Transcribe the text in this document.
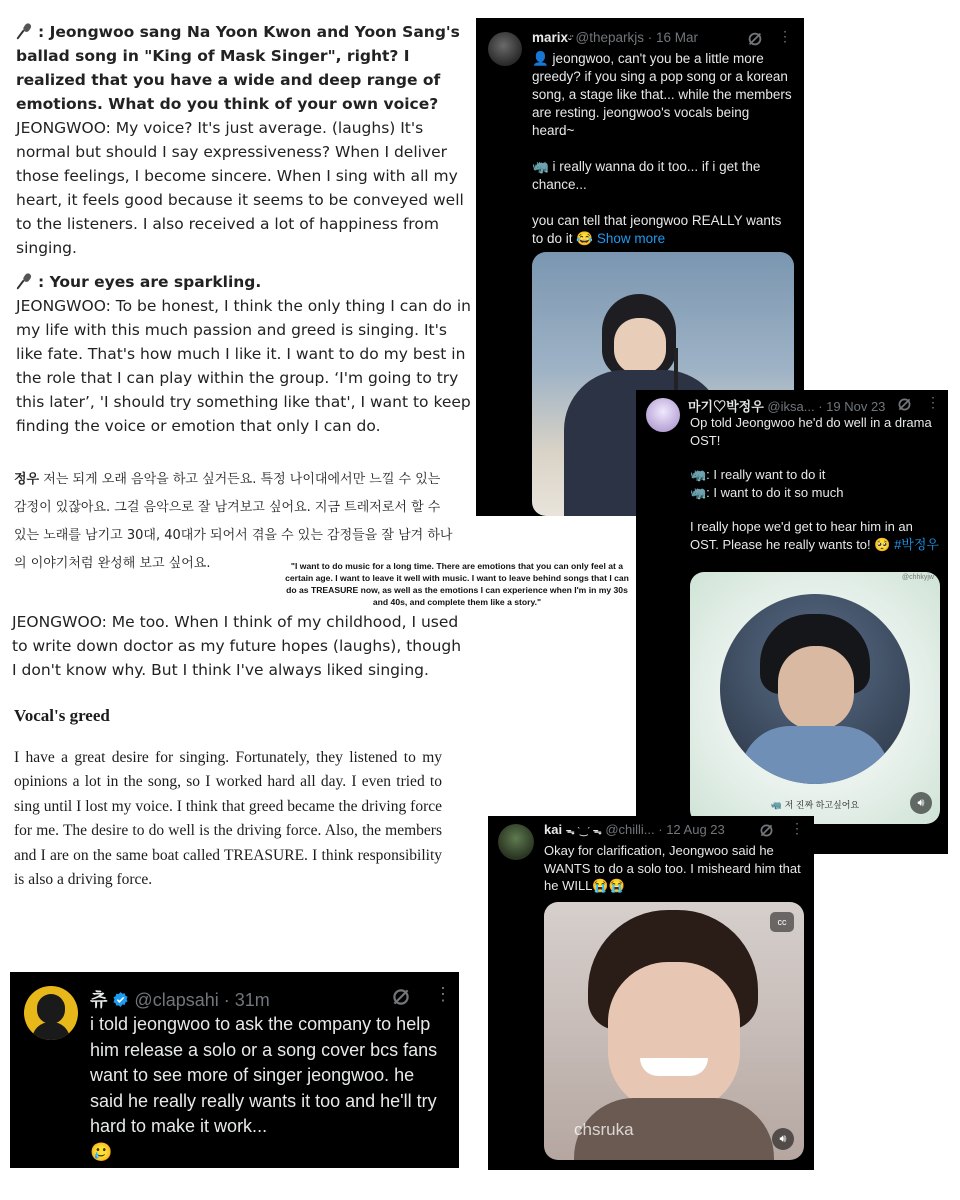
: Jeongwoo sang Na Yoon Kwon and Yoon Sang's ballad song in "King of Mask Singer", right? I realized that you have a wide and deep range of emotions. What do you think of your own voice?

JEONGWOO: My voice? It's just average. (laughs) It's normal but should I say expressiveness? When I deliver those feelings, I become sincere. When I sing with all my heart, it feels good because it seems to be conveyed well to the listeners. I also received a lot of happiness from singing.

: Your eyes are sparkling.

JEONGWOO: To be honest, I think the only thing I can do in my life with this much passion and greed is singing. It's like fate. That's how much I like it. I want to do my best in the role that I can play within the group. ‘I'm going to try this later’, 'I should try something like that', I want to keep finding the voice or emotion that only I can do.

정우 저는 되게 오래 음악을 하고 싶거든요. 특정 나이대에서만 느낄 수 있는 감정이 있잖아요. 그걸 음악으로 잘 남겨보고 싶어요. 지금 트레저로서 할 수 있는 노래를 남기고 30대, 40대가 되어서 겪을 수 있는 감정들을 잘 남겨 하나의 이야기처럼 완성해 보고 싶어요.	"I want to do music for a long time. There are emotions that you can only feel at a certain age. I want to leave it well with music. I want to leave behind songs that I can do as TREASURE now, as well as the emotions I can experience when I'm in my 30s and 40s, and complete them like a story."
JEONGWOO: Me too. When I think of my childhood, I used to write down doctor as my future hopes (laughs), though I don't know why. But I think I've always liked singing.
Vocal's greed
I have a great desire for singing. Fortunately, they listened to my opinions a lot in the song, so I worked hard all day. I even tried to sing until I lost my voice. I think that greed became the driving force for me. The desire to do well is the driving force. Also, the members and I are on the same boat called TREASURE. I think responsibility is also a driving force.
marixᵕ̈ @theparkjs · 16 Mar	⋮
👤 jeongwoo, can't you be a little more greedy? if you sing a pop song or a korean song, a stage like that... while the members are resting. jeongwoo's vocals being heard~
🦏 i really wanna do it too... if i get the chance...
you can tell that jeongwoo REALLY wants to do it 😂 Show more
마기♡박정우 @iksa... · 19 Nov 23	⋮
Op told Jeongwoo he'd do well in a drama OST!
🦏: I really want to do it
🦏: I want to do it so much
I really hope we'd get to hear him in an OST. Please he really wants to! 🥺 #박정우
@chhkyjw
🦏 저 진짜 하고싶어요	🔊︎
kai ᯓ ˋ‿ˊ ᯓ @chilli... · 12 Aug 23	⋮
Okay for clarification, Jeongwoo said he WANTS to do a solo too. I misheard him that he WILL😭😭
cc
chsruka	🔊︎
츄 @clapsahi · 31m	⋮
i told jeongwoo to ask the company to help him release a solo or a song cover bcs fans want to see more of singer jeongwoo. he said he really really wants it too and he'll try hard to make it work...
🥲
